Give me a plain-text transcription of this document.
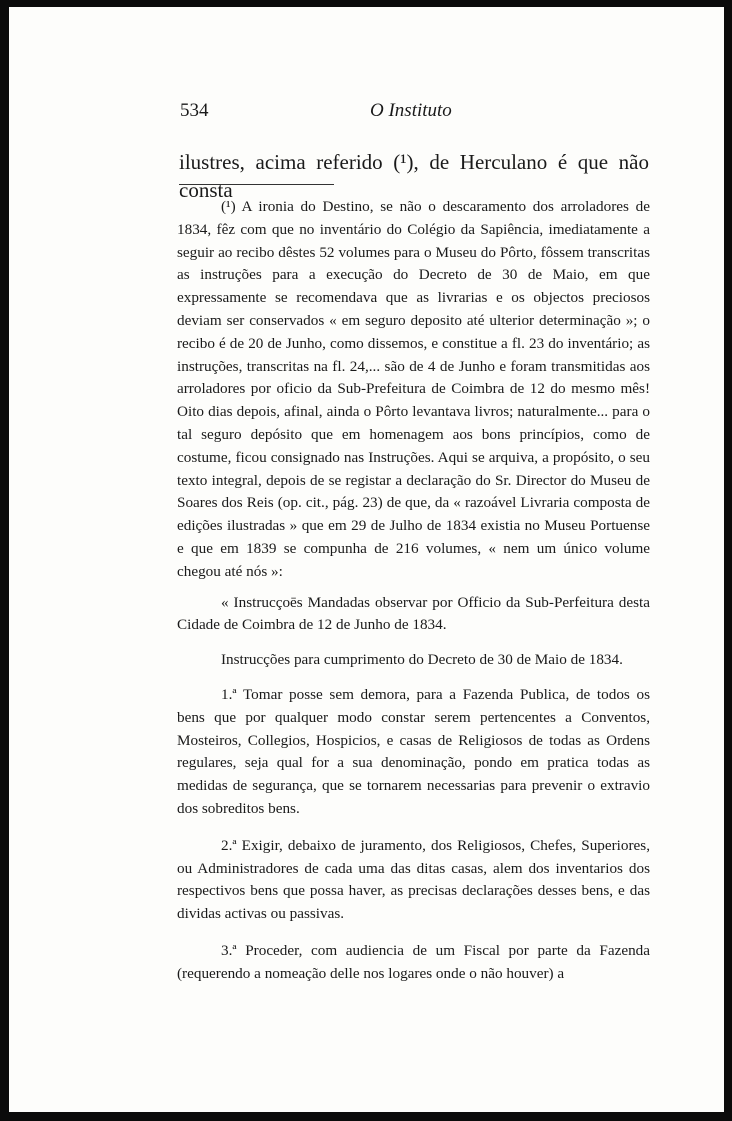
534	O Instituto
ilustres, acima referido (¹), de Herculano é que não consta

(¹) A ironia do Destino, se não o descaramento dos arroladores de 1834, fêz com que no inventário do Colégio da Sapiência, imediatamente a seguir ao recibo dêstes 52 volumes para o Museu do Pôrto, fôssem transcritas as instruções para a execução do Decreto de 30 de Maio, em que expressamente se recomendava que as livrarias e os objectos preciosos deviam ser conservados « em seguro deposito até ulterior determinação »; o recibo é de 20 de Junho, como dissemos, e constitue a fl. 23 do inventário; as instruções, transcritas na fl. 24,... são de 4 de Junho e foram transmitidas aos arroladores por oficio da Sub-Prefeitura de Coimbra de 12 do mesmo mês! Oito dias depois, afinal, ainda o Pôrto levantava livros; naturalmente... para o tal seguro depósito que em homenagem aos bons princípios, como de costume, ficou consignado nas Instruções. Aqui se arquiva, a propósito, o seu texto integral, depois de se registar a declaração do Sr. Director do Museu de Soares dos Reis (op. cit., pág. 23) de que, da « razoável Livraria composta de edições ilustradas » que em 29 de Julho de 1834 existia no Museu Portuense e que em 1839 se compunha de 216 volumes, « nem um único volume chegou até nós »:

« Instrucçoēs Mandadas observar por Officio da Sub-Perfeitura desta Cidade de Coimbra de 12 de Junho de 1834.

Instrucções para cumprimento do Decreto de 30 de Maio de 1834.

1.ª Tomar posse sem demora, para a Fazenda Publica, de todos os bens que por qualquer modo constar serem pertencentes a Conventos, Mosteiros, Collegios, Hospicios, e casas de Religiosos de todas as Ordens regulares, seja qual for a sua denominação, pondo em pratica todas as medidas de segurança, que se tornarem necessarias para prevenir o extravio dos sobreditos bens.

2.ª Exigir, debaixo de juramento, dos Religiosos, Chefes, Superiores, ou Administradores de cada uma das ditas casas, alem dos inventarios dos respectivos bens que possa haver, as precisas declarações desses bens, e das dividas activas ou passivas.

3.ª Proceder, com audiencia de um Fiscal por parte da Fazenda (requerendo a nomeação delle nos logares onde o não houver) a
